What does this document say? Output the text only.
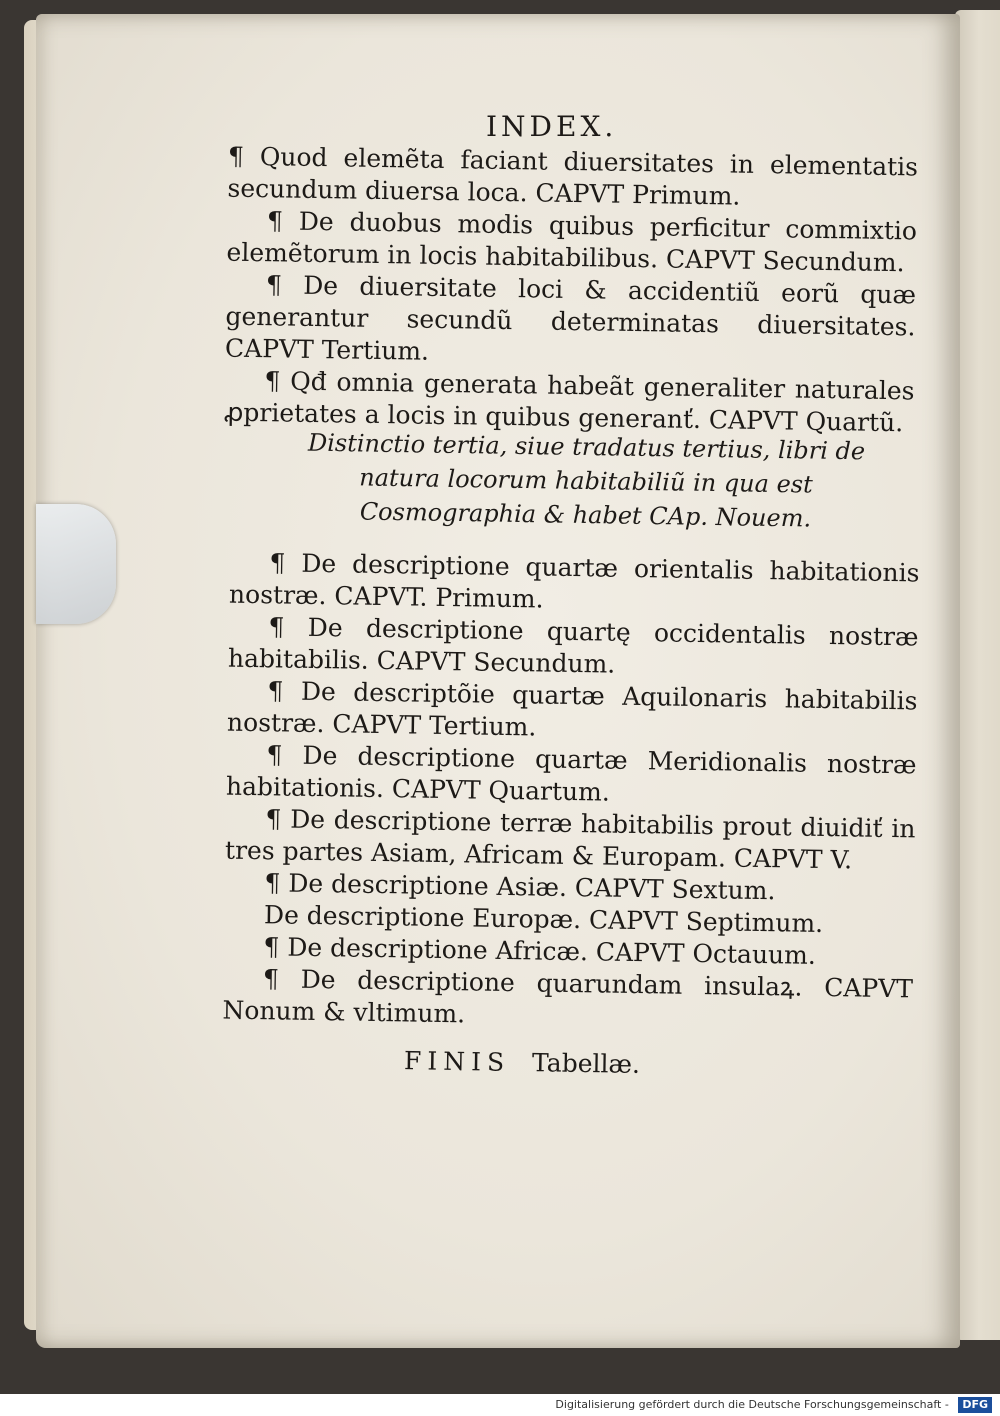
INDEX.

¶ Quod elemẽta faciant diuersitates in elementatis secundum diuersa loca. CAPVT Primum.

¶ De duobus modis quibus perficitur commixtio elemẽtorum in locis habitabilibus. CAPVT Secundum.

¶ De diuersitate loci & accidentiũ eorũ quæ generantur secundũ determinatas diuersitates. CAPVT Tertium.

¶ Qđ omnia generata habeãt generaliter naturales ꝓprietates a locis in quibus generanť. CAPVT Quartũ.

Distinctio tertia, siue tradatus tertius, libri de natura locorum habitabiliũ in qua est Cosmographia & habet CAp. Nouem.

¶ De descriptione quartæ orientalis habitationis nostræ. CAPVT. Primum.

¶ De descriptione quartę occidentalis nostræ habitabilis. CAPVT Secundum.

¶ De descriptõie quartæ Aquilonaris habitabilis nostræ. CAPVT Tertium.

¶ De descriptione quartæ Meridionalis nostræ habitationis. CAPVT Quartum.

¶ De descriptione terræ habitabilis prout diuidiť in tres partes Asiam, Africam & Europam. CAPVT V.

¶ De descriptione Asiæ. CAPVT Sextum.

De descriptione Europæ. CAPVT Septimum.

¶ De descriptione Africæ. CAPVT Octauum.

¶ De descriptione quarundam insulaꝝ. CAPVT Nonum & vltimum.

FINIS Tabellæ.
Digitalisierung gefördert durch die Deutsche Forschungsgemeinschaft - DFG
